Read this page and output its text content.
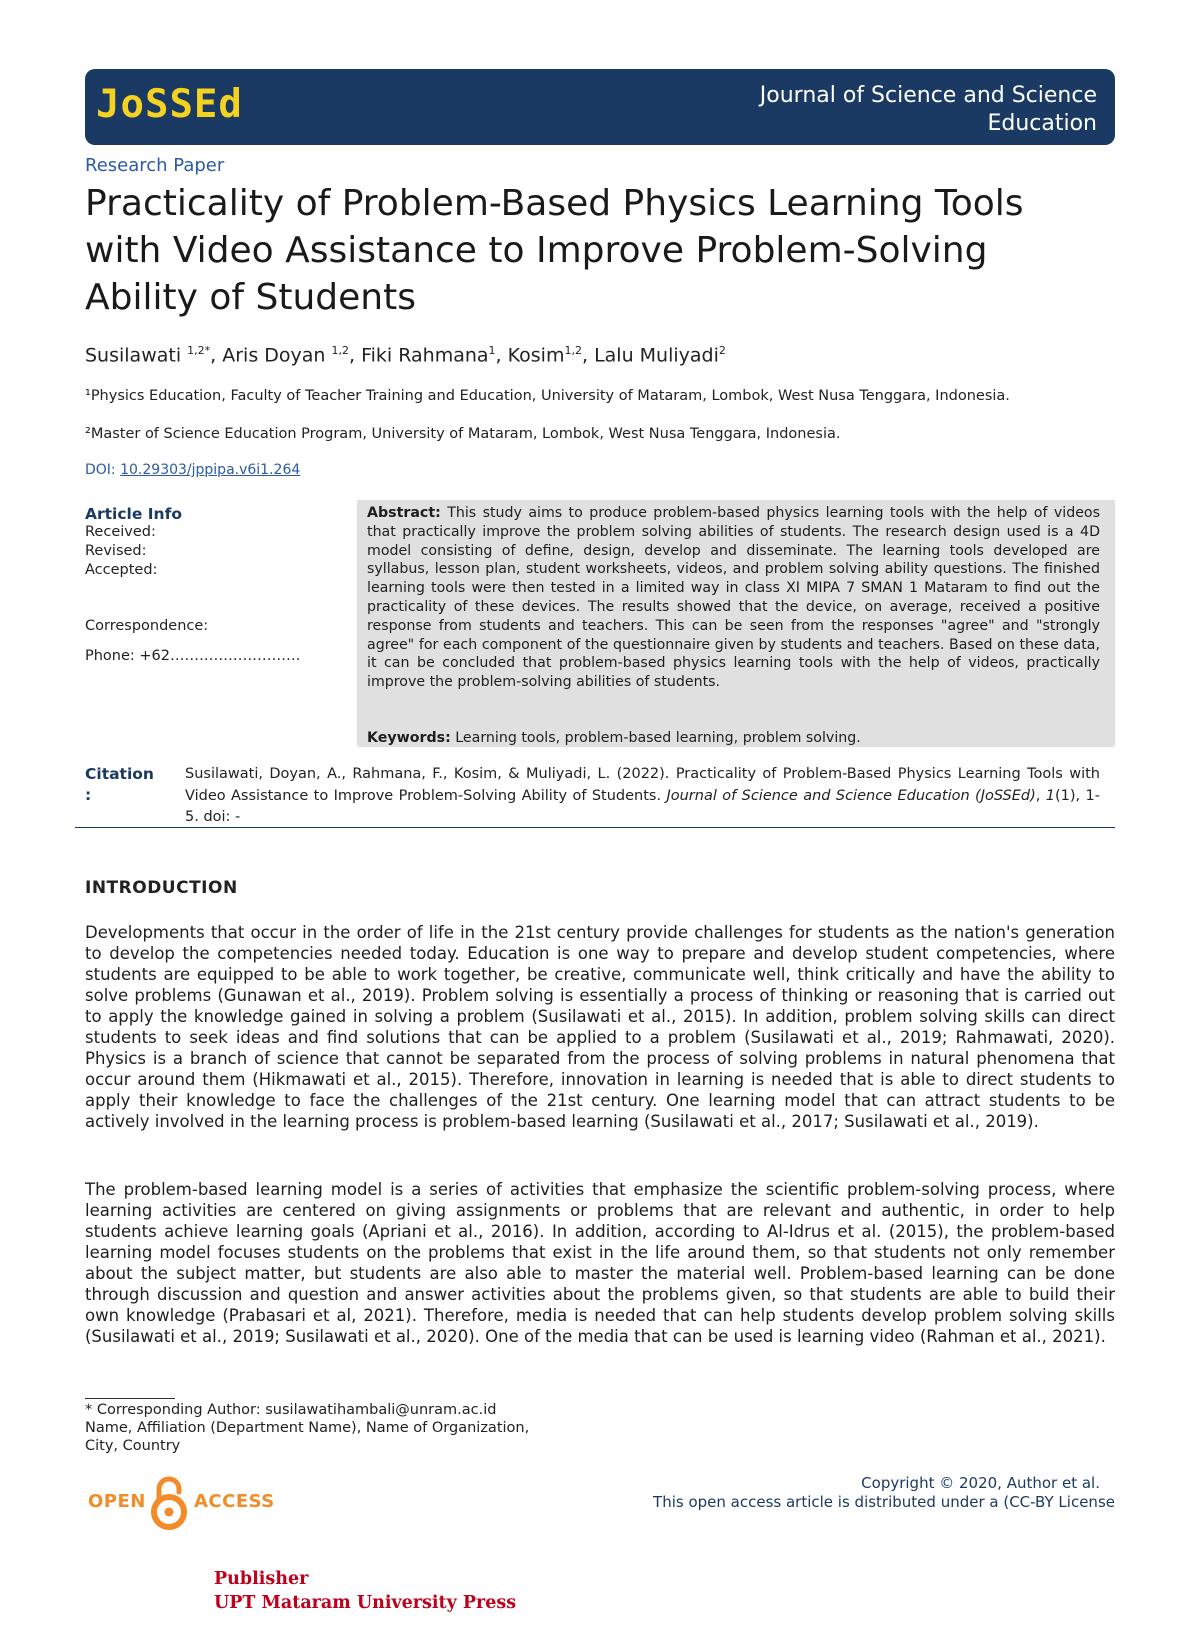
JoSSEd	Journal of Science and Science Education
Research Paper
Practicality of Problem-Based Physics Learning Tools with Video Assistance to Improve Problem-Solving Ability of Students
Susilawati $^{1,2*}$, Aris Doyan $^{1,2}$, Fiki Rahmana$^1$, Kosim$^{1,2}$, Lalu Muliyadi$^2$
¹Physics Education, Faculty of Teacher Training and Education, University of Mataram, Lombok, West Nusa Tenggara, Indonesia.
²Master of Science Education Program, University of Mataram, Lombok, West Nusa Tenggara, Indonesia.
DOI: 10.29303/jppipa.v6i1.264
Article Info
Received:
Revised:
Accepted:
Correspondence:
Phone: +62………………………
Abstract: This study aims to produce problem-based physics learning tools with the help of videos that practically improve the problem solving abilities of students. The research design used is a 4D model consisting of define, design, develop and disseminate. The learning tools developed are syllabus, lesson plan, student worksheets, videos, and problem solving ability questions. The finished learning tools were then tested in a limited way in class XI MIPA 7 SMAN 1 Mataram to find out the practicality of these devices. The results showed that the device, on average, received a positive response from students and teachers. This can be seen from the responses "agree" and "strongly agree" for each component of the questionnaire given by students and teachers. Based on these data, it can be concluded that problem-based physics learning tools with the help of videos, practically improve the problem-solving abilities of students.
Keywords: Learning tools, problem-based learning, problem solving.
Citation :
Susilawati, Doyan, A., Rahmana, F., Kosim, & Muliyadi, L. (2022). Practicality of Problem-Based Physics Learning Tools with Video Assistance to Improve Problem-Solving Ability of Students. Journal of Science and Science Education (JoSSEd), 1(1), 1-5. doi: -
INTRODUCTION
Developments that occur in the order of life in the 21st century provide challenges for students as the nation's generation to develop the competencies needed today. Education is one way to prepare and develop student competencies, where students are equipped to be able to work together, be creative, communicate well, think critically and have the ability to solve problems (Gunawan et al., 2019). Problem solving is essentially a process of thinking or reasoning that is carried out to apply the knowledge gained in solving a problem (Susilawati et al., 2015). In addition, problem solving skills can direct students to seek ideas and find solutions that can be applied to a problem (Susilawati et al., 2019; Rahmawati, 2020). Physics is a branch of science that cannot be separated from the process of solving problems in natural phenomena that occur around them (Hikmawati et al., 2015). Therefore, innovation in learning is needed that is able to direct students to apply their knowledge to face the challenges of the 21st century. One learning model that can attract students to be actively involved in the learning process is problem-based learning (Susilawati et al., 2017; Susilawati et al., 2019).
The problem-based learning model is a series of activities that emphasize the scientific problem-solving process, where learning activities are centered on giving assignments or problems that are relevant and authentic, in order to help students achieve learning goals (Apriani et al., 2016). In addition, according to Al-Idrus et al. (2015), the problem-based learning model focuses students on the problems that exist in the life around them, so that students not only remember about the subject matter, but students are also able to master the material well. Problem-based learning can be done through discussion and question and answer activities about the problems given, so that students are able to build their own knowledge (Prabasari et al, 2021). Therefore, media is needed that can help students develop problem solving skills (Susilawati et al., 2019; Susilawati et al., 2020). One of the media that can be used is learning video (Rahman et al., 2021).
* Corresponding Author: susilawatihambali@unram.ac.id
Name, Affiliation (Department Name), Name of Organization,
City, Country
OPEN	ACCESS
Copyright © 2020, Author et al.
This open access article is distributed under a (CC-BY License
Publisher
UPT Mataram University Press
